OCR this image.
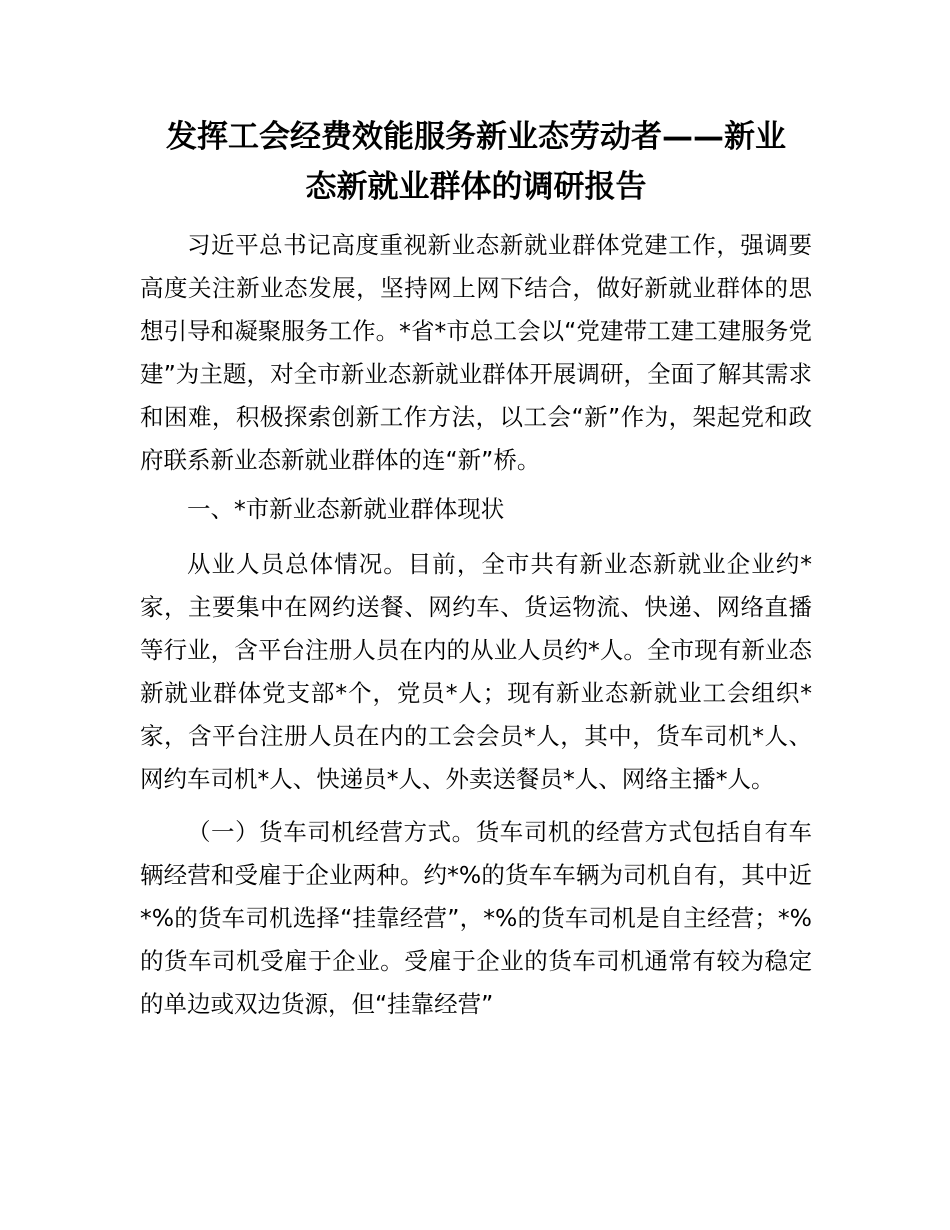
发挥工会经费效能服务新业态劳动者——新业
态新就业群体的调研报告

习近平总书记高度重视新业态新就业群体党建工作，强调要高度关注新业态发展，坚持网上网下结合，做好新就业群体的思想引导和凝聚服务工作。*省*市总工会以“党建带工建工建服务党建”为主题，对全市新业态新就业群体开展调研，全面了解其需求和困难，积极探索创新工作方法，以工会“新”作为，架起党和政府联系新业态新就业群体的连“新”桥。

一、*市新业态新就业群体现状

从业人员总体情况。目前，全市共有新业态新就业企业约*家，主要集中在网约送餐、网约车、货运物流、快递、网络直播等行业，含平台注册人员在内的从业人员约*人。全市现有新业态新就业群体党支部*个，党员*人；现有新业态新就业工会组织*家，含平台注册人员在内的工会会员*人，其中，货车司机*人、网约车司机*人、快递员*人、外卖送餐员*人、网络主播*人。

（一）货车司机经营方式。货车司机的经营方式包括自有车辆经营和受雇于企业两种。约*%的货车车辆为司机自有，其中近*%的货车司机选择“挂靠经营”，*%的货车司机是自主经营；*%的货车司机受雇于企业。受雇于企业的货车司机通常有较为稳定的单边或双边货源，但“挂靠经营”
